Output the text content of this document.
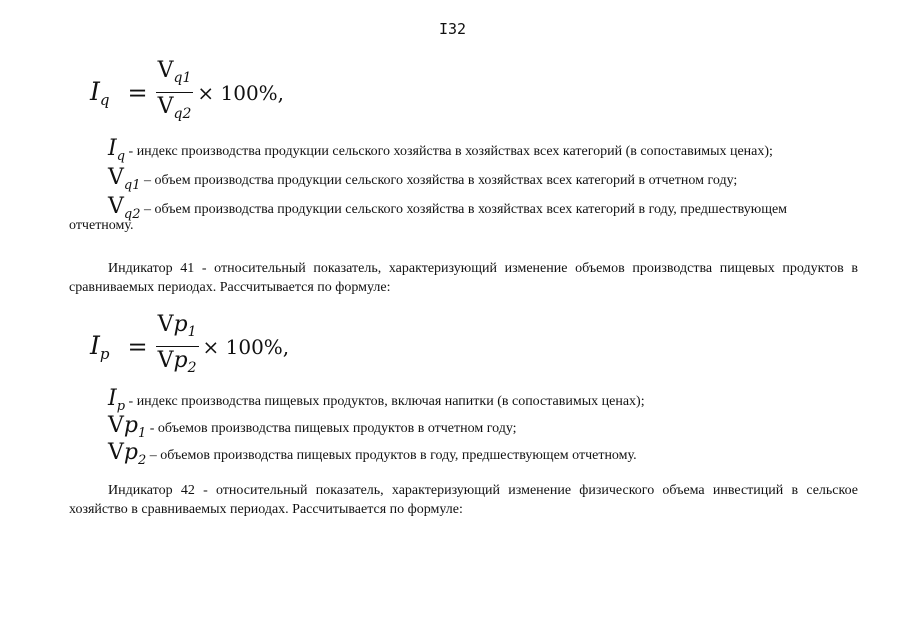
I32
$I_q = \frac{V_{q1}}{V_{q2}} \times 100\%$,
$I_q$ - индекс производства продукции сельского хозяйства в хозяйствах всех категорий (в сопоставимых ценах);
$V_{q1}$ – объем производства продукции сельского хозяйства в хозяйствах всех категорий в отчетном году;
$V_{q2}$ – объем производства продукции сельского хозяйства в хозяйствах всех категорий в году, предшествующем
отчетному.
Индикатор 41 - относительный показатель, характеризующий изменение объемов производства пищевых продуктов в сравниваемых периодах. Рассчитывается по формуле:
$I_p = \frac{Vp_1}{Vp_2} \times 100\%$,
$I_p$ - индекс производства пищевых продуктов, включая напитки (в сопоставимых ценах);
$Vp_1$ - объемов производства пищевых продуктов в отчетном году;
$Vp_2$ – объемов производства пищевых продуктов в году, предшествующем отчетному.
Индикатор 42 - относительный показатель, характеризующий изменение физического объема инвестиций в сельское хозяйство в сравниваемых периодах. Рассчитывается по формуле:
